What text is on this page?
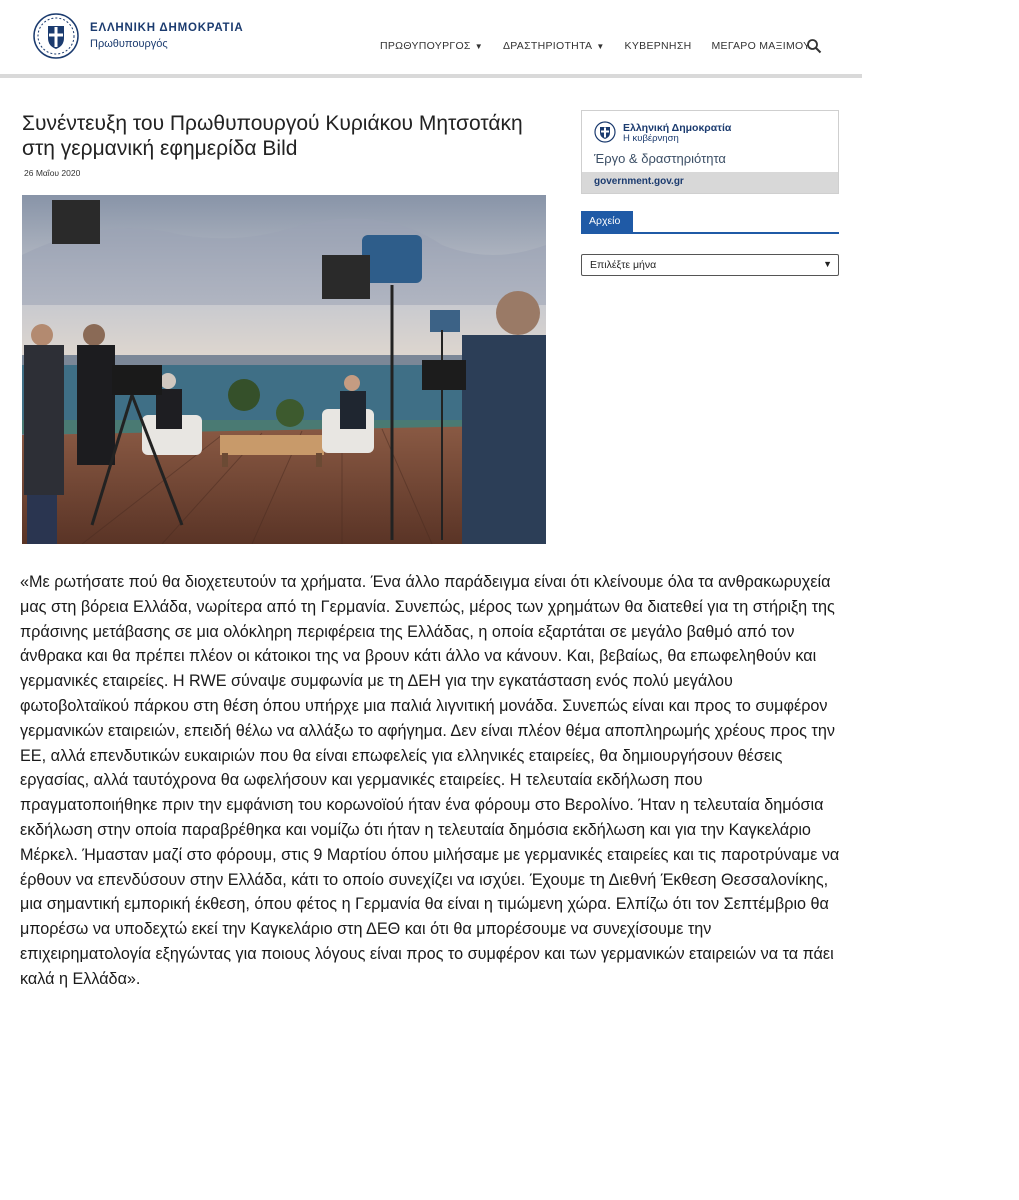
ΕΛΛΗΝΙΚΗ ΔΗΜΟΚΡΑΤΙΑ
Πρωθυπουργός	ΠΡΩΘΥΠΟΥΡΓΟΣ ▼ ΔΡΑΣΤΗΡΙΟΤΗΤΑ ▼ ΚΥΒΕΡΝΗΣΗ ΜΕΓΑΡΟ ΜΑΞΙΜΟΥ
Συνέντευξη του Πρωθυπουργού Κυριάκου Μητσοτάκη στη γερμανική εφημερίδα Bild
26 Μαΐου 2020
«Με ρωτήσατε πού θα διοχετευτούν τα χρήματα. Ένα άλλο παράδειγμα είναι ότι κλείνουμε όλα τα ανθρακωρυχεία μας στη βόρεια Ελλάδα, νωρίτερα από τη Γερμανία. Συνεπώς, μέρος των χρημάτων θα διατεθεί για τη στήριξη της πράσινης μετάβασης σε μια ολόκληρη περιφέρεια της Ελλάδας, η οποία εξαρτάται σε μεγάλο βαθμό από τον άνθρακα και θα πρέπει πλέον οι κάτοικοι της να βρουν κάτι άλλο να κάνουν. Και, βεβαίως, θα επωφεληθούν και γερμανικές εταιρείες. Η RWE σύναψε συμφωνία με τη ΔΕΗ για την εγκατάσταση ενός πολύ μεγάλου φωτοβολταϊκού πάρκου στη θέση όπου υπήρχε μια παλιά λιγνιτική μονάδα. Συνεπώς είναι και προς το συμφέρον γερμανικών εταιρειών, επειδή θέλω να αλλάξω το αφήγημα. Δεν είναι πλέον θέμα αποπληρωμής χρέους προς την ΕΕ, αλλά επενδυτικών ευκαιριών που θα είναι επωφελείς για ελληνικές εταιρείες, θα δημιουργήσουν θέσεις εργασίας, αλλά ταυτόχρονα θα ωφελήσουν και γερμανικές εταιρείες. Η τελευταία εκδήλωση που πραγματοποιήθηκε πριν την εμφάνιση του κορωνοϊού ήταν ένα φόρουμ στο Βερολίνο. Ήταν η τελευταία δημόσια εκδήλωση στην οποία παραβρέθηκα και νομίζω ότι ήταν η τελευταία δημόσια εκδήλωση και για την Καγκελάριο Μέρκελ. Ήμασταν μαζί στο φόρουμ, στις 9 Μαρτίου όπου μιλήσαμε με γερμανικές εταιρείες και τις παροτρύναμε να έρθουν να επενδύσουν στην Ελλάδα, κάτι το οποίο συνεχίζει να ισχύει. Έχουμε τη Διεθνή Έκθεση Θεσσαλονίκης, μια σημαντική εμπορική έκθεση, όπου φέτος η Γερμανία θα είναι η τιμώμενη χώρα. Ελπίζω ότι τον Σεπτέμβριο θα μπορέσω να υποδεχτώ εκεί την Καγκελάριο στη ΔΕΘ και ότι θα μπορέσουμε να συνεχίσουμε την επιχειρηματολογία εξηγώντας για ποιους λόγους είναι προς το συμφέρον και των γερμανικών εταιρειών να τα πάει καλά η Ελλάδα».
Ελληνική Δημοκρατία
Η κυβέρνηση
Έργο & δραστηριότητα
government.gov.gr
Αρχείο
Επιλέξτε μήνα	▼
